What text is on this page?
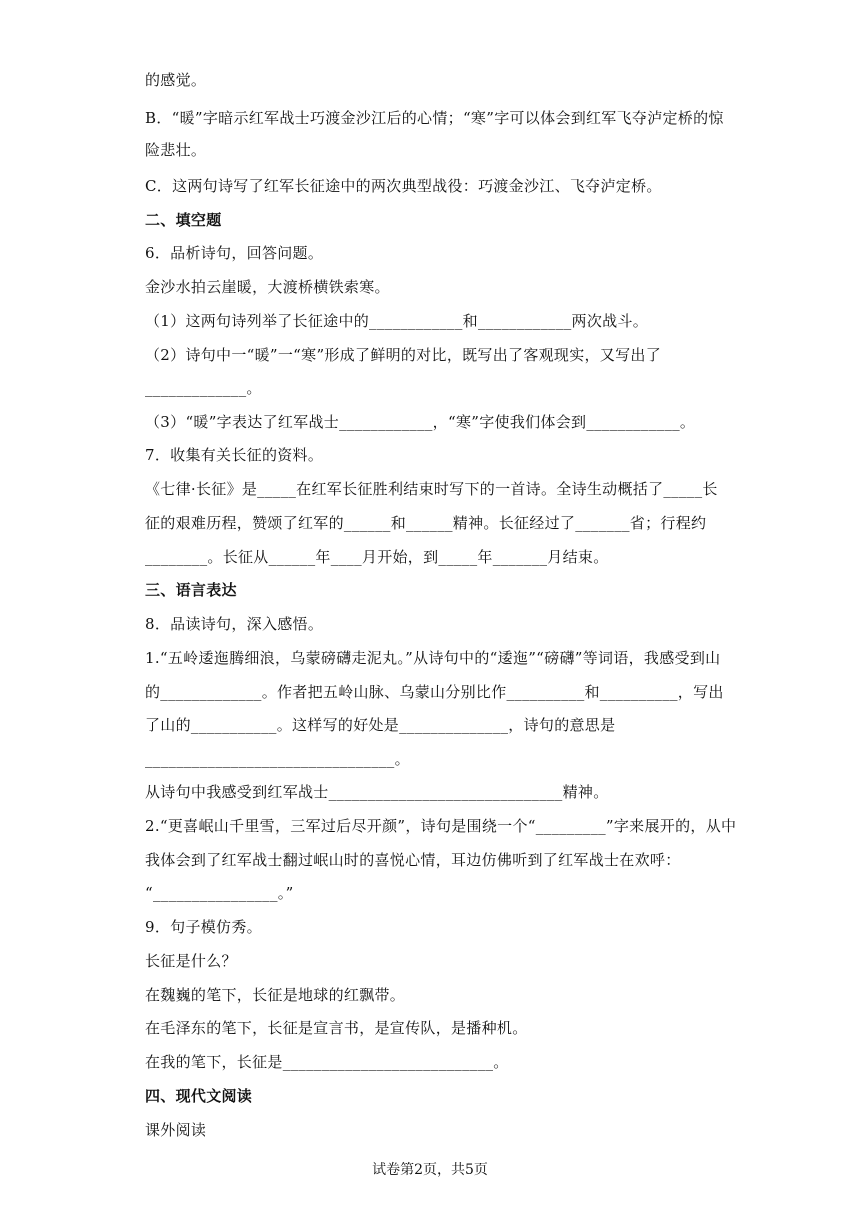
的感觉。
B．“暖”字暗示红军战士巧渡金沙江后的心情；“寒”字可以体会到红军飞夺泸定桥的惊
险悲壮。
C．这两句诗写了红军长征途中的两次典型战役：巧渡金沙江、飞夺泸定桥。
二、填空题
6．品析诗句，回答问题。
金沙水拍云崖暖，大渡桥横铁索寒。
（1）这两句诗列举了长征途中的____________和____________两次战斗。
（2）诗句中一“暖”一“寒”形成了鲜明的对比，既写出了客观现实，又写出了
_____________。
（3）“暖”字表达了红军战士____________，“寒”字使我们体会到____________。
7．收集有关长征的资料。
《七律·长征》是_____在红军长征胜利结束时写下的一首诗。全诗生动概括了_____长
征的艰难历程，赞颂了红军的______和______精神。长征经过了_______省；行程约
________。长征从______年____月开始，到_____年_______月结束。
三、语言表达
8．品读诗句，深入感悟。
1.“五岭逶迤腾细浪，乌蒙磅礴走泥丸。”从诗句中的“逶迤”“磅礴”等词语，我感受到山
的_____________。作者把五岭山脉、乌蒙山分别比作__________和__________，写出
了山的___________。这样写的好处是______________，诗句的意思是
________________________________。
从诗句中我感受到红军战士______________________________精神。
2.“更喜岷山千里雪，三军过后尽开颜”，诗句是围绕一个“_________”字来展开的，从中
我体会到了红军战士翻过岷山时的喜悦心情，耳边仿佛听到了红军战士在欢呼：
“________________。”
9．句子模仿秀。
长征是什么？
在魏巍的笔下，长征是地球的红飘带。
在毛泽东的笔下，长征是宣言书，是宣传队，是播种机。
在我的笔下，长征是___________________________。
四、现代文阅读
课外阅读
试卷第2页，共5页
